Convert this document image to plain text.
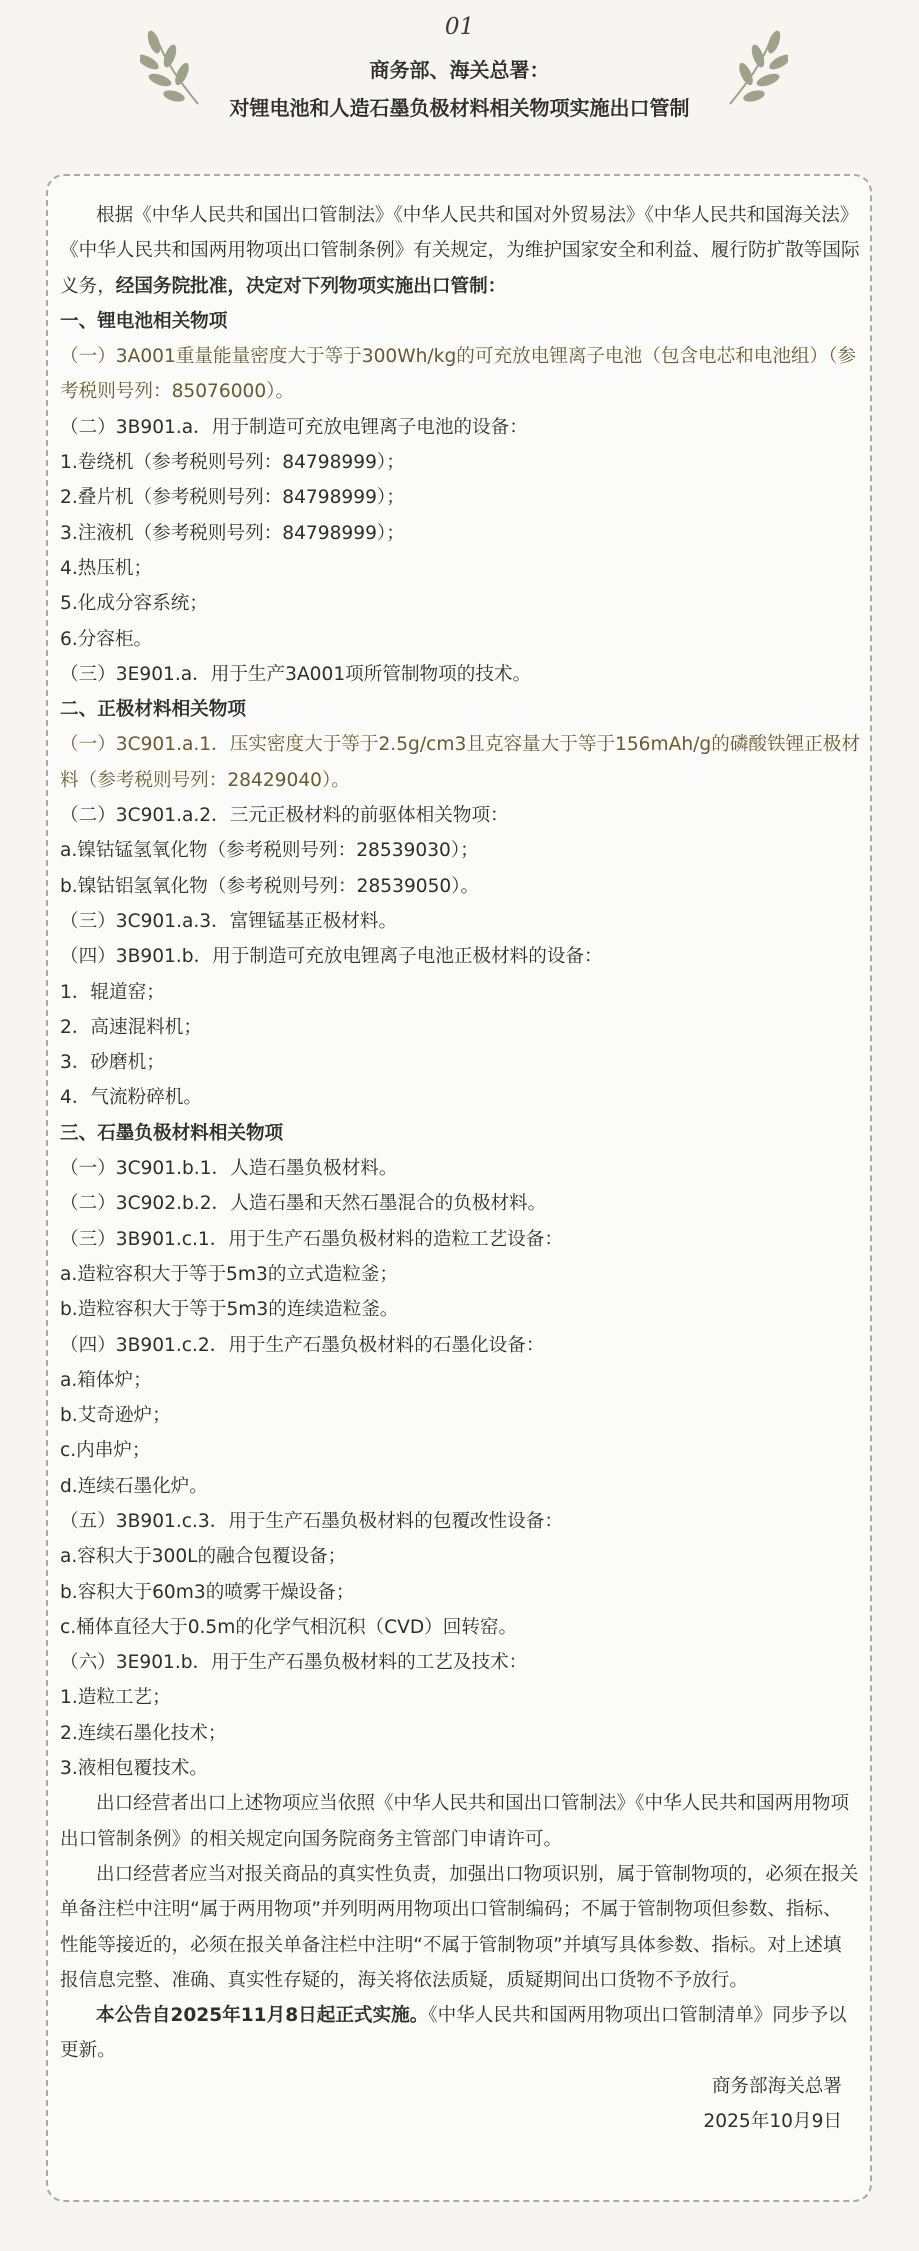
01
商务部、海关总署：
对锂电池和人造石墨负极材料相关物项实施出口管制

根据《中华人民共和国出口管制法》《中华人民共和国对外贸易法》《中华人民共和国海关法》《中华人民共和国两用物项出口管制条例》有关规定，为维护国家安全和利益、履行防扩散等国际义务，经国务院批准，决定对下列物项实施出口管制：

一、锂电池相关物项

（一）3A001重量能量密度大于等于300Wh/kg的可充放电锂离子电池（包含电芯和电池组）（参考税则号列：85076000）。

（二）3B901.a．用于制造可充放电锂离子电池的设备：

1.卷绕机（参考税则号列：84798999）；

2.叠片机（参考税则号列：84798999）；

3.注液机（参考税则号列：84798999）；

4.热压机；

5.化成分容系统；

6.分容柜。

（三）3E901.a．用于生产3A001项所管制物项的技术。

二、正极材料相关物项

（一）3C901.a.1．压实密度大于等于2.5g/cm3且克容量大于等于156mAh/g的磷酸铁锂正极材料（参考税则号列：28429040）。

（二）3C901.a.2．三元正极材料的前驱体相关物项：

a.镍钴锰氢氧化物（参考税则号列：28539030）；

b.镍钴铝氢氧化物（参考税则号列：28539050）。

（三）3C901.a.3．富锂锰基正极材料。

（四）3B901.b．用于制造可充放电锂离子电池正极材料的设备：

1．辊道窑；

2．高速混料机；

3．砂磨机；

4．气流粉碎机。

三、石墨负极材料相关物项

（一）3C901.b.1．人造石墨负极材料。

（二）3C902.b.2．人造石墨和天然石墨混合的负极材料。

（三）3B901.c.1．用于生产石墨负极材料的造粒工艺设备：

a.造粒容积大于等于5m3的立式造粒釜；

b.造粒容积大于等于5m3的连续造粒釜。

（四）3B901.c.2．用于生产石墨负极材料的石墨化设备：

a.箱体炉；

b.艾奇逊炉；

c.内串炉；

d.连续石墨化炉。

（五）3B901.c.3．用于生产石墨负极材料的包覆改性设备：

a.容积大于300L的融合包覆设备；

b.容积大于60m3的喷雾干燥设备；

c.桶体直径大于0.5m的化学气相沉积（CVD）回转窑。

（六）3E901.b．用于生产石墨负极材料的工艺及技术：

1.造粒工艺；

2.连续石墨化技术；

3.液相包覆技术。

出口经营者出口上述物项应当依照《中华人民共和国出口管制法》《中华人民共和国两用物项出口管制条例》的相关规定向国务院商务主管部门申请许可。

出口经营者应当对报关商品的真实性负责，加强出口物项识别，属于管制物项的，必须在报关单备注栏中注明“属于两用物项”并列明两用物项出口管制编码；不属于管制物项但参数、指标、性能等接近的，必须在报关单备注栏中注明“不属于管制物项”并填写具体参数、指标。对上述填报信息完整、准确、真实性存疑的，海关将依法质疑，质疑期间出口货物不予放行。

本公告自2025年11月8日起正式实施。《中华人民共和国两用物项出口管制清单》同步予以更新。

商务部海关总署

2025年10月9日
